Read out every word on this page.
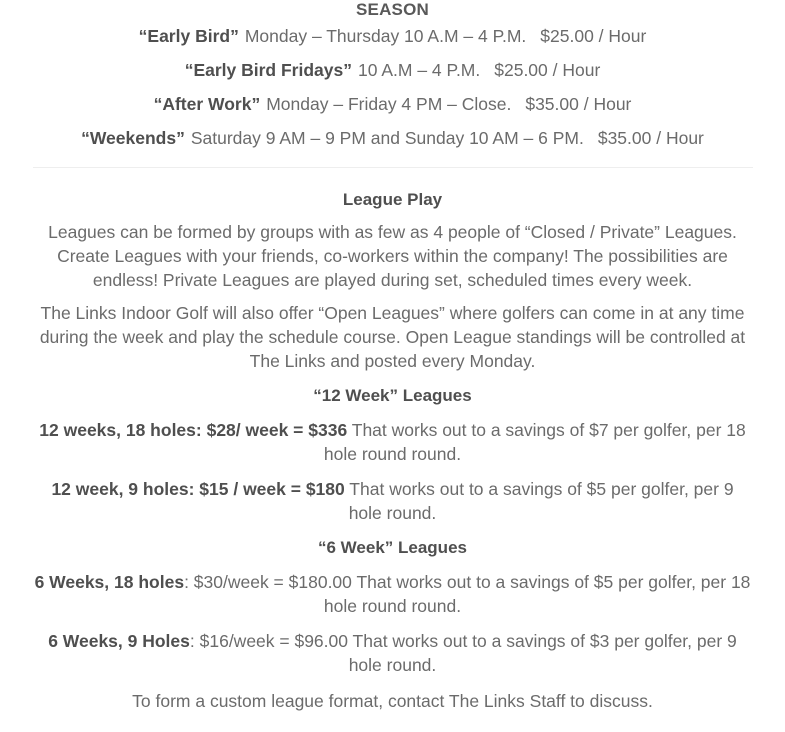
SEASON
“Early Bird” Monday – Thursday 10 A.M – 4 P.M. $25.00 / Hour
“Early Bird Fridays” 10 A.M – 4 P.M. $25.00 / Hour
“After Work” Monday – Friday 4 PM – Close. $35.00 / Hour
“Weekends” Saturday 9 AM – 9 PM and Sunday 10 AM – 6 PM. $35.00 / Hour
League Play

Leagues can be formed by groups with as few as 4 people of “Closed / Private” Leagues. Create Leagues with your friends, co-workers within the company! The possibilities are endless! Private Leagues are played during set, scheduled times every week.

The Links Indoor Golf will also offer “Open Leagues” where golfers can come in at any time during the week and play the schedule course. Open League standings will be controlled at The Links and posted every Monday.

“12 Week” Leagues

12 weeks, 18 holes: $28/ week = $336 That works out to a savings of $7 per golfer, per 18 hole round round.

12 week, 9 holes: $15 / week = $180 That works out to a savings of $5 per golfer, per 9 hole round.

“6 Week” Leagues

6 Weeks, 18 holes: $30/week = $180.00 That works out to a savings of $5 per golfer, per 18 hole round round.

6 Weeks, 9 Holes: $16/week = $96.00 That works out to a savings of $3 per golfer, per 9 hole round.

To form a custom league format, contact The Links Staff to discuss.
